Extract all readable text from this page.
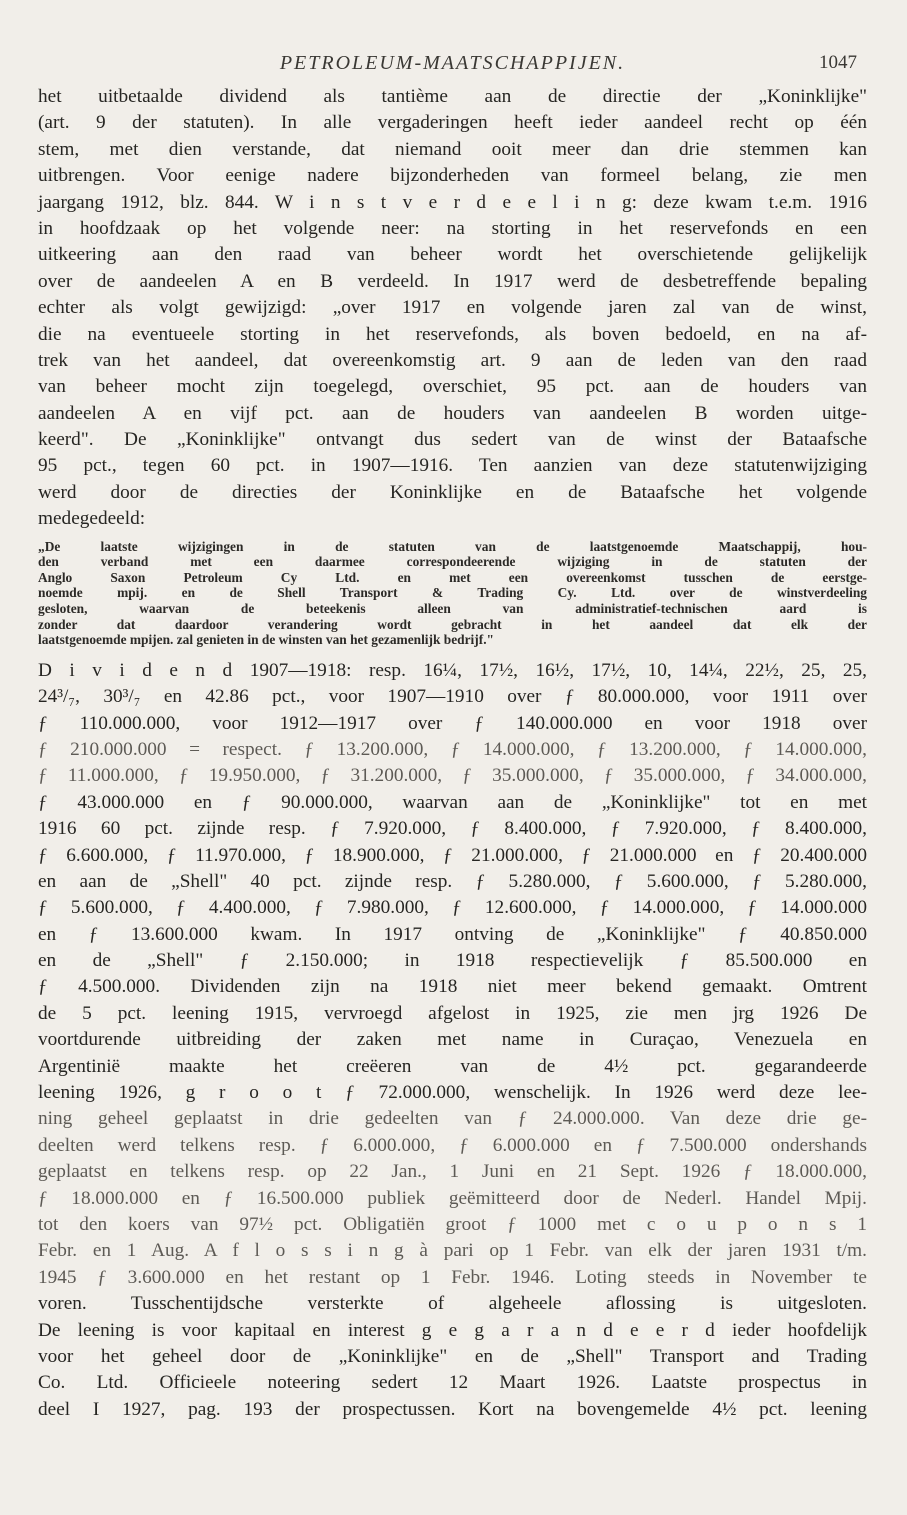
PETROLEUM-MAATSCHAPPIJEN.	1047
het uitbetaalde dividend als tantième aan de directie der „Koninklijke"
(art. 9 der statuten). In alle vergaderingen heeft ieder aandeel recht op één
stem, met dien verstande, dat niemand ooit meer dan drie stemmen kan
uitbrengen. Voor eenige nadere bijzonderheden van formeel belang, zie men
jaargang 1912, blz. 844. W i n s t v e r d e e l i n g: deze kwam t.e.m. 1916
in hoofdzaak op het volgende neer: na storting in het reservefonds en een
uitkeering aan den raad van beheer wordt het overschietende gelijkelijk
over de aandeelen A en B verdeeld. In 1917 werd de desbetreffende bepaling
echter als volgt gewijzigd: „over 1917 en volgende jaren zal van de winst,
die na eventueele storting in het reservefonds, als boven bedoeld, en na af-
trek van het aandeel, dat overeenkomstig art. 9 aan de leden van den raad
van beheer mocht zijn toegelegd, overschiet, 95 pct. aan de houders van
aandeelen A en vijf pct. aan de houders van aandeelen B worden uitge-
keerd". De „Koninklijke" ontvangt dus sedert van de winst der Bataafsche
95 pct., tegen 60 pct. in 1907—1916. Ten aanzien van deze statutenwijziging
werd door de directies der Koninklijke en de Bataafsche het volgende
medegedeeld:
„De laatste wijzigingen in de statuten van de laatstgenoemde Maatschappij, hou-
den verband met een daarmee correspondeerende wijziging in de statuten der
Anglo Saxon Petroleum Cy Ltd. en met een overeenkomst tusschen de eerstge-
noemde mpij. en de Shell Transport & Trading Cy. Ltd. over de winstverdeeling
gesloten, waarvan de beteekenis alleen van administratief-technischen aard is
zonder dat daardoor verandering wordt gebracht in het aandeel dat elk der
laatstgenoemde mpijen. zal genieten in de winsten van het gezamenlijk bedrijf."
D i v i d e n d 1907—1918: resp. 16¼, 17½, 16½, 17½, 10, 14¼, 22½, 25, 25,
24³/₇, 30³/₇ en 42.86 pct., voor 1907—1910 over ƒ 80.000.000, voor 1911 over
ƒ 110.000.000, voor 1912—1917 over ƒ 140.000.000 en voor 1918 over
ƒ 210.000.000 = respect. ƒ 13.200.000, ƒ 14.000.000, ƒ 13.200.000, ƒ 14.000.000,
ƒ 11.000.000, ƒ 19.950.000, ƒ 31.200.000, ƒ 35.000.000, ƒ 35.000.000, ƒ 34.000.000,
ƒ 43.000.000 en ƒ 90.000.000, waarvan aan de „Koninklijke" tot en met
1916 60 pct. zijnde resp. ƒ 7.920.000, ƒ 8.400.000, ƒ 7.920.000, ƒ 8.400.000,
ƒ 6.600.000, ƒ 11.970.000, ƒ 18.900.000, ƒ 21.000.000, ƒ 21.000.000 en ƒ 20.400.000
en aan de „Shell" 40 pct. zijnde resp. ƒ 5.280.000, ƒ 5.600.000, ƒ 5.280.000,
ƒ 5.600.000, ƒ 4.400.000, ƒ 7.980.000, ƒ 12.600.000, ƒ 14.000.000, ƒ 14.000.000
en ƒ 13.600.000 kwam. In 1917 ontving de „Koninklijke" ƒ 40.850.000
en de „Shell" ƒ 2.150.000; in 1918 respectievelijk ƒ 85.500.000 en
ƒ 4.500.000. Dividenden zijn na 1918 niet meer bekend gemaakt. Omtrent
de 5 pct. leening 1915, vervroegd afgelost in 1925, zie men jrg 1926 De
voortdurende uitbreiding der zaken met name in Curaçao, Venezuela en
Argentinië maakte het creëeren van de 4½ pct. gegarandeerde
leening 1926, g r o o t ƒ 72.000.000, wenschelijk. In 1926 werd deze lee-
ning geheel geplaatst in drie gedeelten van ƒ 24.000.000. Van deze drie ge-
deelten werd telkens resp. ƒ 6.000.000, ƒ 6.000.000 en ƒ 7.500.000 ondershands
geplaatst en telkens resp. op 22 Jan., 1 Juni en 21 Sept. 1926 ƒ 18.000.000,
ƒ 18.000.000 en ƒ 16.500.000 publiek geëmitteerd door de Nederl. Handel Mpij.
tot den koers van 97½ pct. Obligatiën groot ƒ 1000 met c o u p o n s 1
Febr. en 1 Aug. A f l o s s i n g à pari op 1 Febr. van elk der jaren 1931 t/m.
1945 ƒ 3.600.000 en het restant op 1 Febr. 1946. Loting steeds in November te
voren. Tusschentijdsche versterkte of algeheele aflossing is uitgesloten.
De leening is voor kapitaal en interest g e g a r a n d e e r d ieder hoofdelijk
voor het geheel door de „Koninklijke" en de „Shell" Transport and Trading
Co. Ltd. Officieele noteering sedert 12 Maart 1926. Laatste prospectus in
deel I 1927, pag. 193 der prospectussen. Kort na bovengemelde 4½ pct. leening
